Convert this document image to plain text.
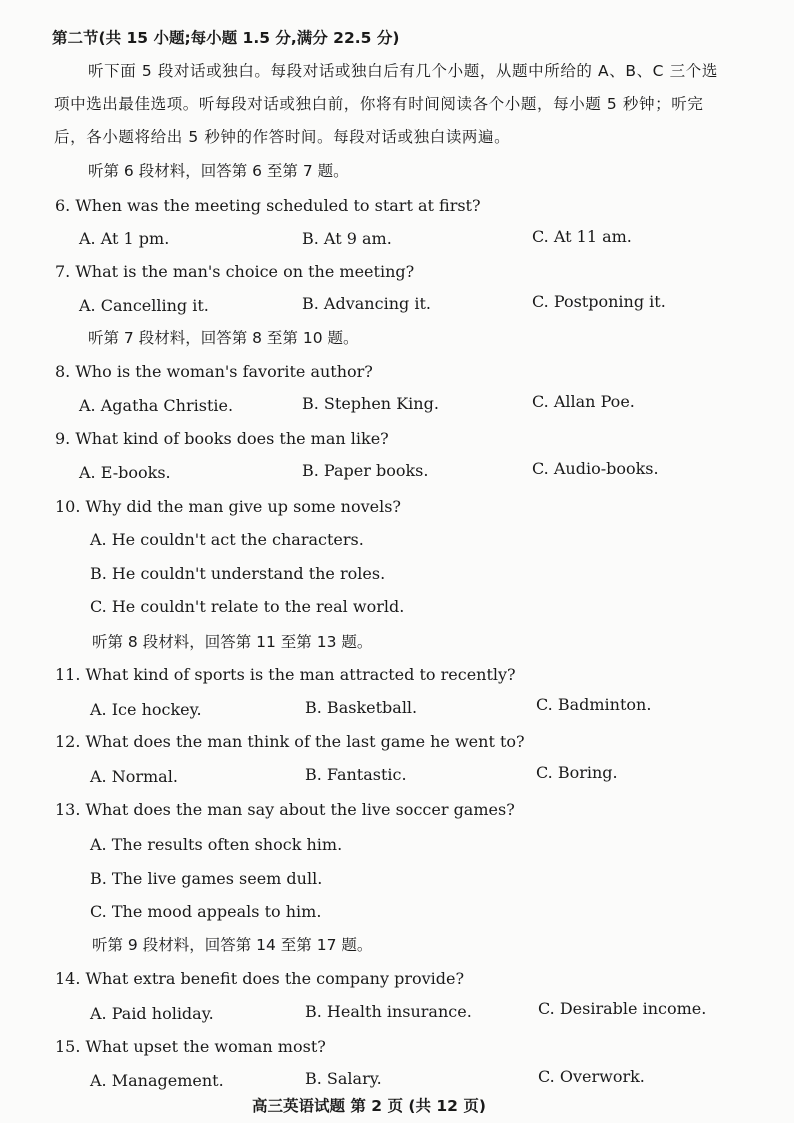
第二节(共 15 小题;每小题 1.5 分,满分 22.5 分)
听下面 5 段对话或独白。每段对话或独白后有几个小题，从题中所给的 A、B、C 三个选
项中选出最佳选项。听每段对话或独白前，你将有时间阅读各个小题，每小题 5 秒钟；听完
后，各小题将给出 5 秒钟的作答时间。每段对话或独白读两遍。
听第 6 段材料，回答第 6 至第 7 题。
6. When was the meeting scheduled to start at first?
A. At 1 pm.	B. At 9 am.	C. At 11 am.
7. What is the man's choice on the meeting?
A. Cancelling it.	B. Advancing it.	C. Postponing it.
听第 7 段材料，回答第 8 至第 10 题。
8. Who is the woman's favorite author?
A. Agatha Christie.	B. Stephen King.	C. Allan Poe.
9. What kind of books does the man like?
A. E-books.	B. Paper books.	C. Audio-books.
10. Why did the man give up some novels?
A. He couldn't act the characters.
B. He couldn't understand the roles.
C. He couldn't relate to the real world.
听第 8 段材料，回答第 11 至第 13 题。
11. What kind of sports is the man attracted to recently?
A. Ice hockey.	B. Basketball.	C. Badminton.
12. What does the man think of the last game he went to?
A. Normal.	B. Fantastic.	C. Boring.
13. What does the man say about the live soccer games?
A. The results often shock him.
B. The live games seem dull.
C. The mood appeals to him.
听第 9 段材料，回答第 14 至第 17 题。
14. What extra benefit does the company provide?
A. Paid holiday.	B. Health insurance.	C. Desirable income.
15. What upset the woman most?
A. Management.	B. Salary.	C. Overwork.
高三英语试题 第 2 页 (共 12 页)
